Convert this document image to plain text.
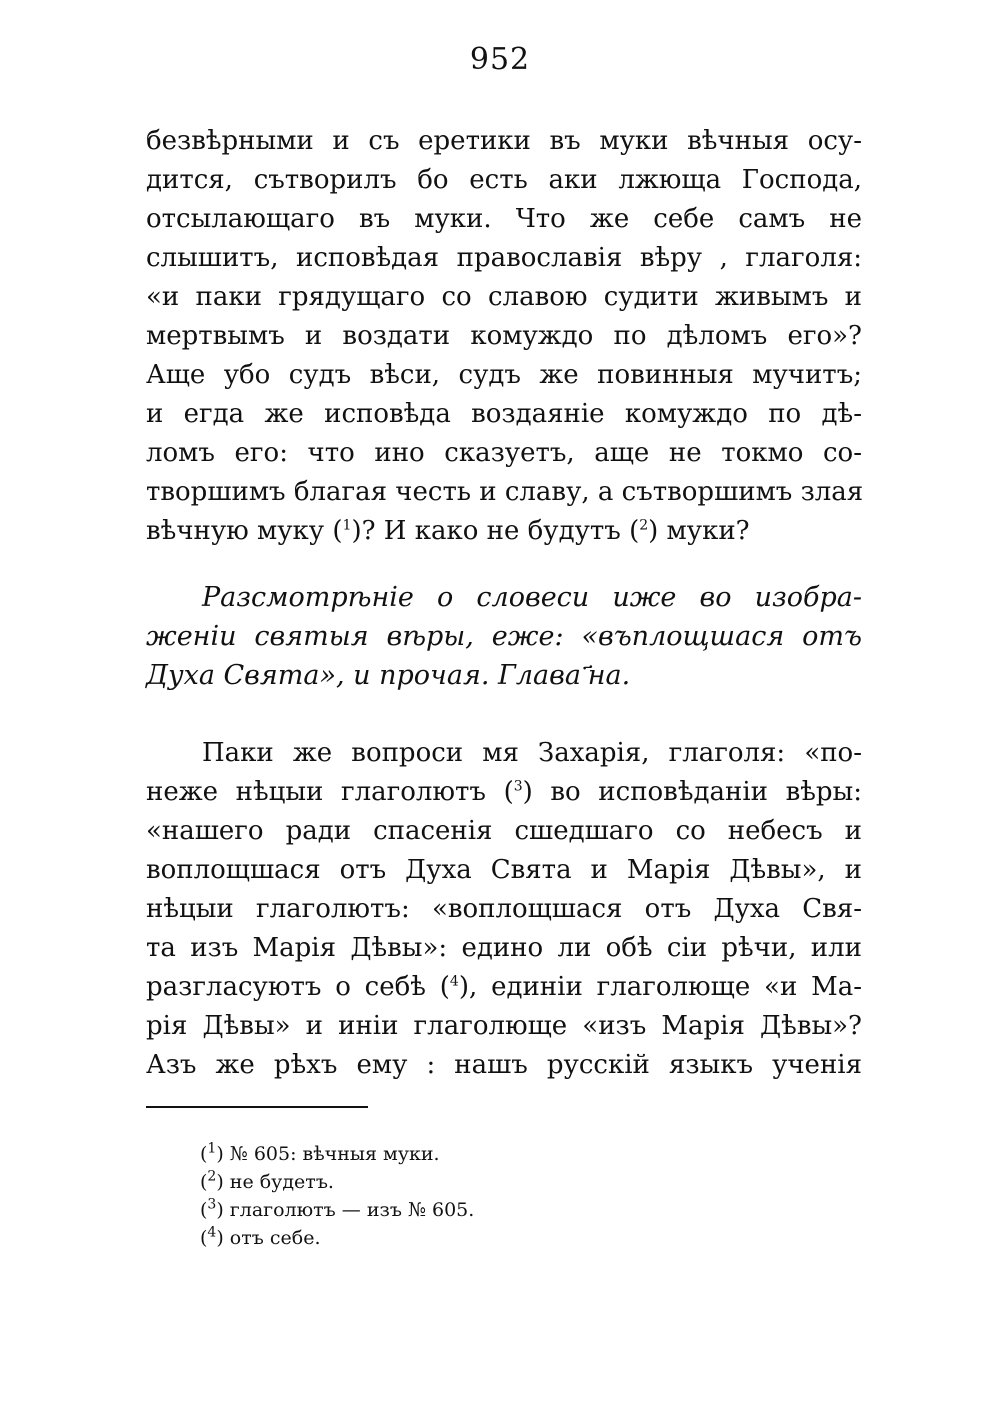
952
безвѣрными и съ еретики въ муки вѣчныя осу-
дится, сътворилъ бо есть аки лжюща Господа,
отсылающаго въ муки. Что же себе самъ не
слышитъ, исповѣдая православія вѣру , глаголя:
«и паки грядущаго со славою судити живымъ и
мертвымъ и воздати комуждо по дѣломъ его»?
Аще убо судъ вѣси, судъ же повинныя мучитъ;
и егда же исповѣда воздаяніе комуждо по дѣ-
ломъ его: что ино сказуетъ, аще не токмо со-
творшимъ благая честь и славу, а сътворшимъ злая
вѣчную муку ($^1$)? И како не будутъ ($^2$) муки?
Разсмотрѣніе о словеси иже во изобра-
женіи святыя вѣры, еже: «въплощшася отъ
Духа Свята», и прочая. Глава ҃на.
Паки же вопроси мя Захарія, глаголя: «по-
неже нѣцыи глаголютъ ($^3$) во исповѣданіи вѣры:
«нашего ради спасенія сшедшаго со небесъ и
воплощшася отъ Духа Свята и Марія Дѣвы», и
нѣцыи глаголютъ: «воплощшася отъ Духа Свя-
та изъ Марія Дѣвы»: едино ли обѣ сіи рѣчи, или
разгласуютъ о себѣ ($^4$), единіи глаголюще «и Ма-
рія Дѣвы» и иніи глаголюще «изъ Марія Дѣвы»?
Азъ же рѣхъ ему : нашъ русскій языкъ ученія
($^1$) № 605: вѣчныя муки.
($^2$) не будетъ.
($^3$) глаголютъ — изъ № 605.
($^4$) отъ себе.
